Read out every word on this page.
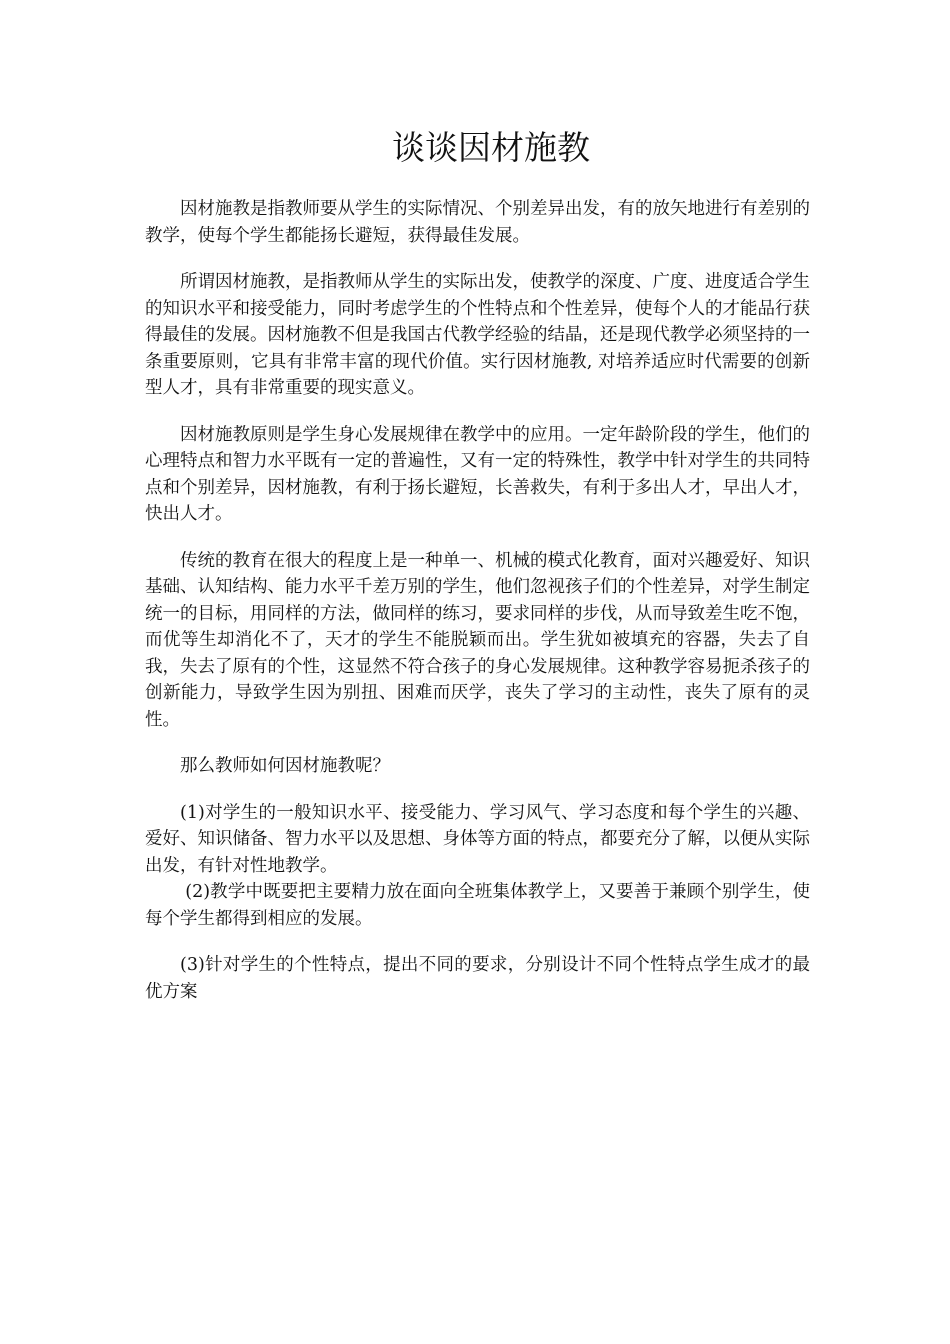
谈谈因材施教

因材施教是指教师要从学生的实际情况、个别差异出发，有的放矢地进行有差别的教学，使每个学生都能扬长避短，获得最佳发展。

所谓因材施教，是指教师从学生的实际出发，使教学的深度、广度、进度适合学生的知识水平和接受能力，同时考虑学生的个性特点和个性差异，使每个人的才能品行获得最佳的发展。因材施教不但是我国古代教学经验的结晶，还是现代教学必须坚持的一条重要原则，它具有非常丰富的现代价值。实行因材施教, 对培养适应时代需要的创新型人才，具有非常重要的现实意义。

因材施教原则是学生身心发展规律在教学中的应用。一定年龄阶段的学生，他们的心理特点和智力水平既有一定的普遍性，又有一定的特殊性，教学中针对学生的共同特点和个别差异，因材施教，有利于扬长避短，长善救失，有利于多出人才，早出人才，快出人才。

传统的教育在很大的程度上是一种单一、机械的模式化教育，面对兴趣爱好、知识基础、认知结构、能力水平千差万别的学生，他们忽视孩子们的个性差异，对学生制定统一的目标，用同样的方法，做同样的练习，要求同样的步伐，从而导致差生吃不饱，而优等生却消化不了，天才的学生不能脱颖而出。学生犹如被填充的容器，失去了自我，失去了原有的个性，这显然不符合孩子的身心发展规律。这种教学容易扼杀孩子的创新能力，导致学生因为别扭、困难而厌学，丧失了学习的主动性，丧失了原有的灵性。

那么教师如何因材施教呢？

(1)对学生的一般知识水平、接受能力、学习风气、学习态度和每个学生的兴趣、爱好、知识储备、智力水平以及思想、身体等方面的特点，都要充分了解，以便从实际出发，有针对性地教学。

(2)教学中既要把主要精力放在面向全班集体教学上，又要善于兼顾个别学生，使每个学生都得到相应的发展。

(3)针对学生的个性特点，提出不同的要求，分别设计不同个性特点学生成才的最优方案
